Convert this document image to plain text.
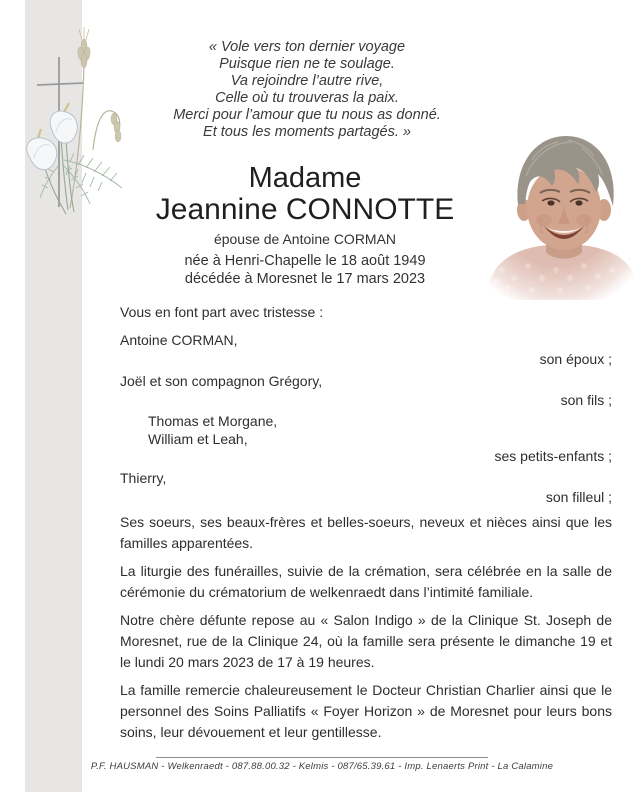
« Vole vers ton dernier voyage
Puisque rien ne te soulage.
Va rejoindre l’autre rive,
Celle où tu trouveras la paix.
Merci pour l’amour que tu nous as donné.
Et tous les moments partagés. »
Madame
Jeannine CONNOTTE
épouse de Antoine CORMAN
née à Henri-Chapelle le 18 août 1949
décédée à Moresnet le 17 mars 2023
Vous en font part avec tristesse :
Antoine CORMAN,
son époux ;
Joël et son compagnon Grégory,
son fils ;
Thomas et Morgane,
William et Leah,
ses petits-enfants ;
Thierry,
son filleul ;
Ses soeurs, ses beaux-frères et belles-soeurs, neveux et nièces ainsi que les familles apparentées.
La liturgie des funérailles, suivie de la crémation, sera célébrée en la salle de cérémonie du crématorium de welkenraedt dans l’intimité familiale.
Notre chère défunte repose au « Salon Indigo » de la Clinique St. Joseph de Moresnet, rue de la Clinique 24, où la famille sera présente le dimanche 19 et le lundi 20 mars 2023 de 17 à 19 heures.
La famille remercie chaleureusement le Docteur Christian Charlier ainsi que le personnel des Soins Palliatifs « Foyer Horizon » de Moresnet pour leurs bons soins, leur dévouement et leur gentillesse.
P.F. HAUSMAN - Welkenraedt - 087.88.00.32 - Kelmis - 087/65.39.61 - Imp. Lenaerts Print - La Calamine
